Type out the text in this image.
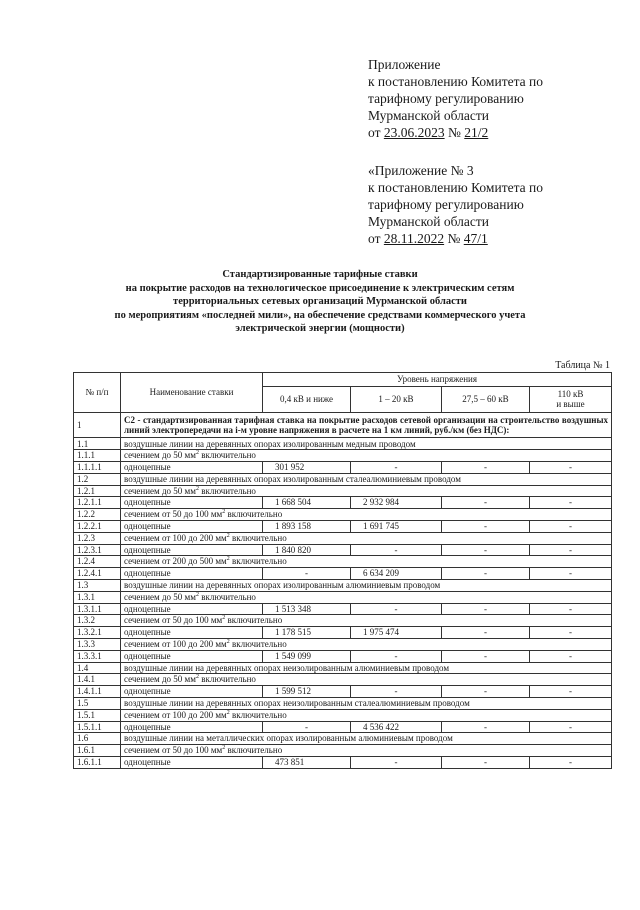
Приложение
к постановлению Комитета по
тарифному регулированию
Мурманской области
от 23.06.2023 № 21/2
«Приложение № 3
к постановлению Комитета по
тарифному регулированию
Мурманской области
от 28.11.2022 № 47/1
Стандартизированные тарифные ставки
на покрытие расходов на технологическое присоединение к электрическим сетям
территориальных сетевых организаций Мурманской области
по мероприятиям «последней мили», на обеспечение средствами коммерческого учета
электрической энергии (мощности)
Таблица № 1
№ п/п	Наименование ставки	Уровень напряжения			
		0,4 кВ и ниже	1 – 20 кВ	27,5 – 60 кВ	110 кВ
и выше

1	С2 - стандартизированная тарифная ставка на покрытие расходов сетевой организации на строительство воздушных линий электропередачи на i-м уровне напряжения в расчете на 1 км линий, руб./км (без НДС):				
1.1	воздушные линии на деревянных опорах изолированным медным проводом				
1.1.1	сечением до 50 $мм^2$ включительно				
1.1.1.1	одноцепные	301 952	-	-	-
1.2	воздушные линии на деревянных опорах изолированным сталеалюминиевым проводом				
1.2.1	сечением до 50 $мм^2$ включительно				
1.2.1.1	одноцепные	1 668 504	2 932 984	-	-
1.2.2	сечением от 50 до 100 $мм^2$ включительно				
1.2.2.1	одноцепные	1 893 158	1 691 745	-	-
1.2.3	сечением от 100 до 200 $мм^2$ включительно				
1.2.3.1	одноцепные	1 840 820	-	-	-
1.2.4	сечением от 200 до 500 $мм^2$ включительно				
1.2.4.1	одноцепные	-	6 634 209	-	-
1.3	воздушные линии на деревянных опорах изолированным алюминиевым проводом				
1.3.1	сечением до 50 $мм^2$ включительно				
1.3.1.1	одноцепные	1 513 348	-	-	-
1.3.2	сечением от 50 до 100 $мм^2$ включительно				
1.3.2.1	одноцепные	1 178 515	1 975 474	-	-
1.3.3	сечением от 100 до 200 $мм^2$ включительно				
1.3.3.1	одноцепные	1 549 099	-	-	-
1.4	воздушные линии на деревянных опорах неизолированным алюминиевым проводом				
1.4.1	сечением до 50 $мм^2$ включительно				
1.4.1.1	одноцепные	1 599 512	-	-	-
1.5	воздушные линии на деревянных опорах неизолированным сталеалюминиевым проводом				
1.5.1	сечением от 100 до 200 $мм^2$ включительно				
1.5.1.1	одноцепные	-	4 536 422	-	-
1.6	воздушные линии на металлических опорах изолированным алюминиевым проводом				
1.6.1	сечением от 50 до 100 $мм^2$ включительно				
1.6.1.1	одноцепные	473 851	-	-	-
